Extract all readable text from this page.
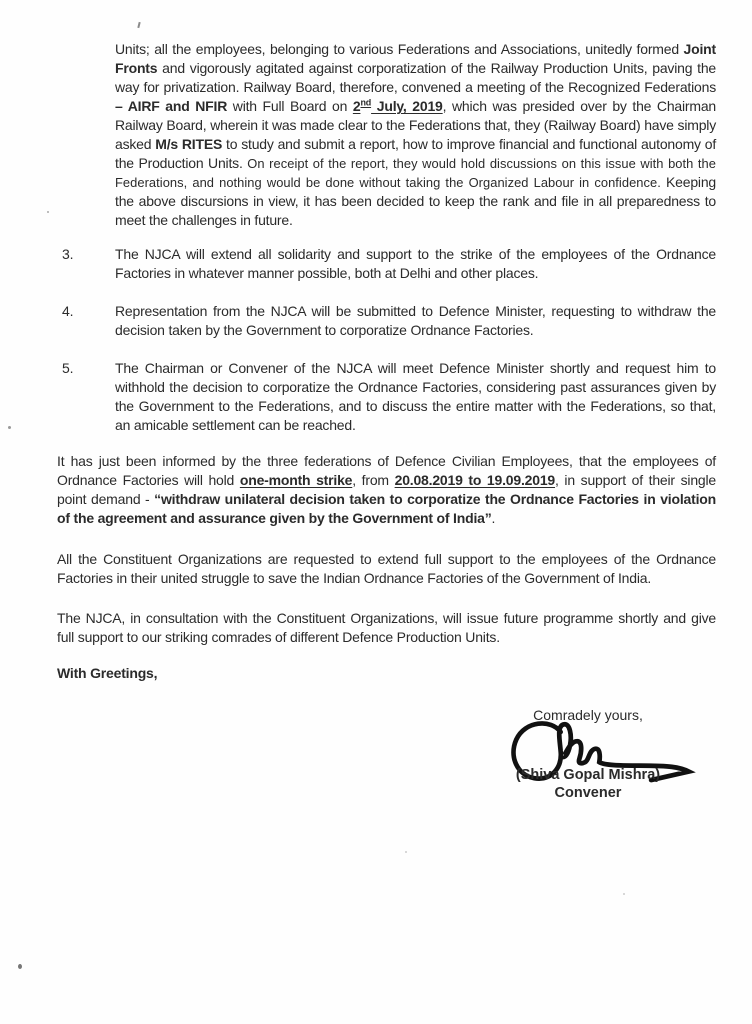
Units; all the employees, belonging to various Federations and Associations, unitedly formed Joint Fronts and vigorously agitated against corporatization of the Railway Production Units, paving the way for privatization. Railway Board, therefore, convened a meeting of the Recognized Federations – AIRF and NFIR with Full Board on 2nd July, 2019, which was presided over by the Chairman Railway Board, wherein it was made clear to the Federations that, they (Railway Board) have simply asked M/s RITES to study and submit a report, how to improve financial and functional autonomy of the Production Units. On receipt of the report, they would hold discussions on this issue with both the Federations, and nothing would be done without taking the Organized Labour in confidence. Keeping the above discursions in view, it has been decided to keep the rank and file in all preparedness to meet the challenges in future.
3.	The NJCA will extend all solidarity and support to the strike of the employees of the Ordnance Factories in whatever manner possible, both at Delhi and other places.
4.	Representation from the NJCA will be submitted to Defence Minister, requesting to withdraw the decision taken by the Government to corporatize Ordnance Factories.
5.	The Chairman or Convener of the NJCA will meet Defence Minister shortly and request him to withhold the decision to corporatize the Ordnance Factories, considering past assurances given by the Government to the Federations, and to discuss the entire matter with the Federations, so that, an amicable settlement can be reached.
It has just been informed by the three federations of Defence Civilian Employees, that the employees of Ordnance Factories will hold one-month strike, from 20.08.2019 to 19.09.2019, in support of their single point demand - “withdraw unilateral decision taken to corporatize the Ordnance Factories in violation of the agreement and assurance given by the Government of India”.
All the Constituent Organizations are requested to extend full support to the employees of the Ordnance Factories in their united struggle to save the Indian Ordnance Factories of the Government of India.
The NJCA, in consultation with the Constituent Organizations, will issue future programme shortly and give full support to our striking comrades of different Defence Production Units.
With Greetings,
Comradely yours,
(Shiva Gopal Mishra)
Convener
